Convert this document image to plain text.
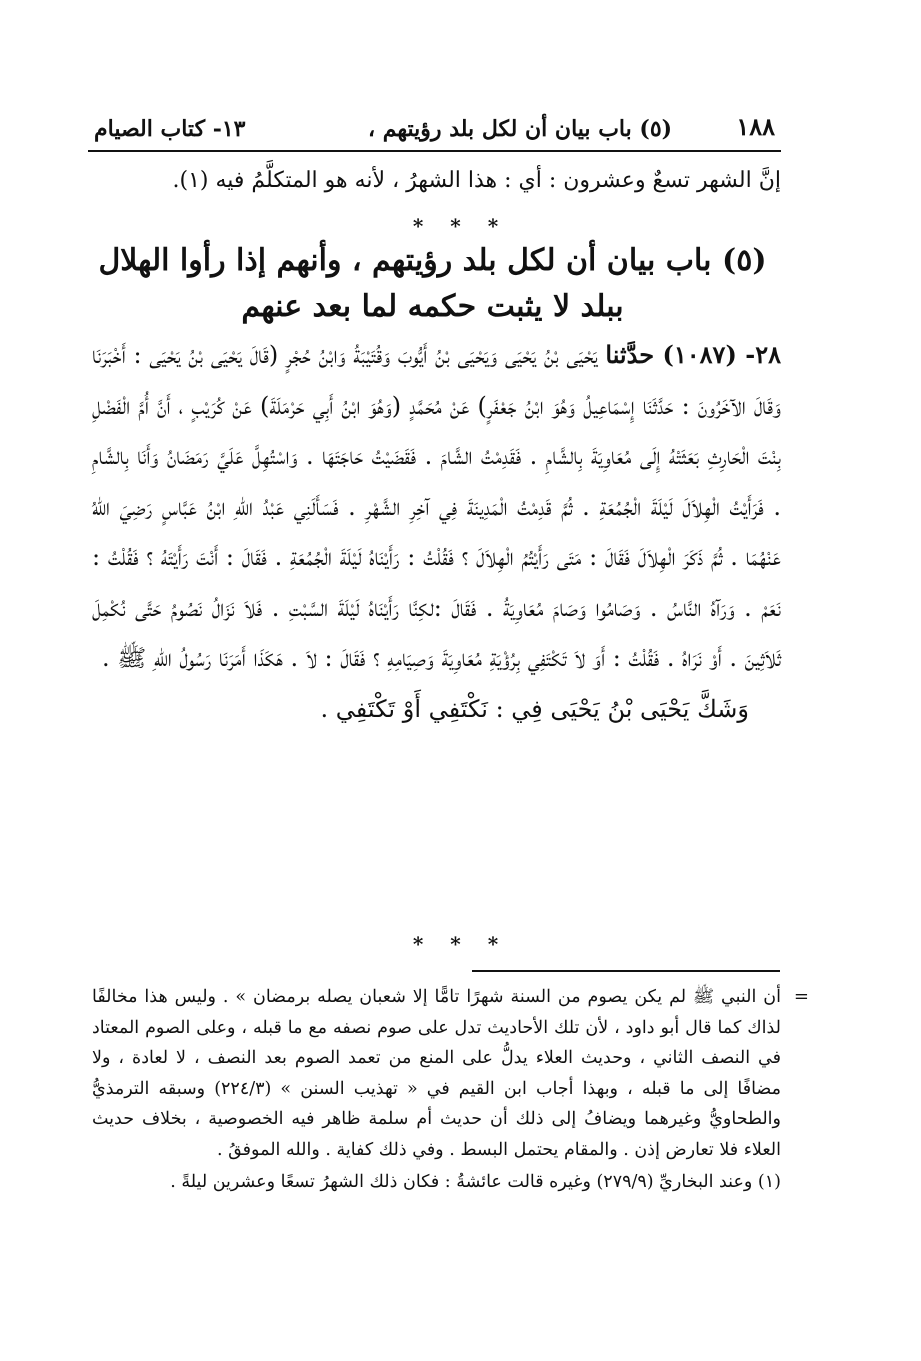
١٨٨
(٥) باب بيان أن لكل بلد رؤيتهم ،
١٣- كتاب الصيام
إنَّ الشهر تسعٌ وعشرون : أي : هذا الشهرُ ، لأنه هو المتكلَّمُ فيه (١).
* * *
(٥) باب بيان أن لكل بلد رؤيتهم ، وأنهم إذا رأوا الهلال ببلد لا يثبت حكمه لما بعد عنهم

٢٨- (١٠٨٧) حدَّثنا يَحْيَى بْنُ يَحْيَى وَيَحْيَى بْنُ أَيُّوبَ وَقُتَيْبَةُ وَابْنُ حُجْرٍ (قَالَ يَحْيَى بْنُ يَحْيَى : أَخْبَرَنَا وَقَالَ الآخَرُونَ : حَدَّثَنَا إِسْمَاعِيلُ وَهُوَ ابْنُ جَعْفَرٍ) عَنْ مُحَمَّدٍ (وَهُوَ ابْنُ أَبِي حَرْمَلَةَ) عَنْ كُرَيْبٍ ، أَنَّ أُمَّ الْفَضْلِ بِنْتَ الْحَارِثِ بَعَثَتْهُ إِلَى مُعَاوِيَةَ بِالشَّامِ . فَقَدِمْتُ الشَّامَ . فَقَضَيْتُ حَاجَتَهَا . وَاسْتُهِلَّ عَلَيَّ رَمَضَانُ وَأَنَا بِالشَّامِ . فَرَأَيْتُ الْهِلاَلَ لَيْلَةَ الْجُمُعَةِ . ثُمَّ قَدِمْتُ الْمَدِينَةَ فِي آخِرِ الشَّهْرِ . فَسَأَلَنِي عَبْدُ اللهِ ابْنُ عَبَّاسٍ رَضِيَ اللهُ عَنْهُمَا . ثُمَّ ذَكَرَ الْهِلاَلَ فَقَالَ : مَتَى رَأَيْتُمُ الْهِلاَلَ ؟ فَقُلْتُ : رَأَيْنَاهُ لَيْلَةَ الْجُمُعَةِ . فَقَالَ : أَنْتَ رَأَيْتَهُ ؟ فَقُلْتُ : نَعَمْ . وَرَآهُ النَّاسُ . وَصَامُوا وَصَامَ مُعَاوِيَةُ . فَقَالَ :لكِنَّا رَأَيْنَاهُ لَيْلَةَ السَّبْتِ . فَلاَ نَزَالُ نَصُومُ حَتَّى نُكْمِلَ ثَلاَثِينَ . أَوْ نَرَاهُ . فَقُلْتُ : أَوَ لاَ تَكْتَفِي بِرُؤْيَةِ مُعَاوِيَةَ وَصِيَامِهِ ؟ فَقَالَ : لاَ . هَكَذَا أَمَرَنَا رَسُولُ اللهِ ﷺ .

وَشَكَّ يَحْيَى بْنُ يَحْيَى فِي : نَكْتَفِي أَوْ تَكْتَفِي .

* * *
=

أن النبي ﷺ لم يكن يصوم من السنة شهرًا تامًّا إلا شعبان يصله برمضان » . وليس هذا مخالفًا لذاك كما قال أبو داود ، لأن تلك الأحاديث تدل على صوم نصفه مع ما قبله ، وعلى الصوم المعتاد في النصف الثاني ، وحديث العلاء يدلُّ على المنع من تعمد الصوم بعد النصف ، لا لعادة ، ولا مضافًا إلى ما قبله ، وبهذا أجاب ابن القيم في « تهذيب السنن » (٢٢٤/٣) وسبقه الترمذيُّ والطحاويُّ وغيرهما ويضافُ إلى ذلك أن حديث أم سلمة ظاهر فيه الخصوصية ، بخلاف حديث العلاء فلا تعارض إذن . والمقام يحتمل البسط . وفي ذلك كفاية . والله الموفقُ .

(١) وعند البخاريِّ (٢٧٩/٩) وغيره قالت عائشةُ : فكان ذلك الشهرُ تسعًا وعشرين ليلةً .
